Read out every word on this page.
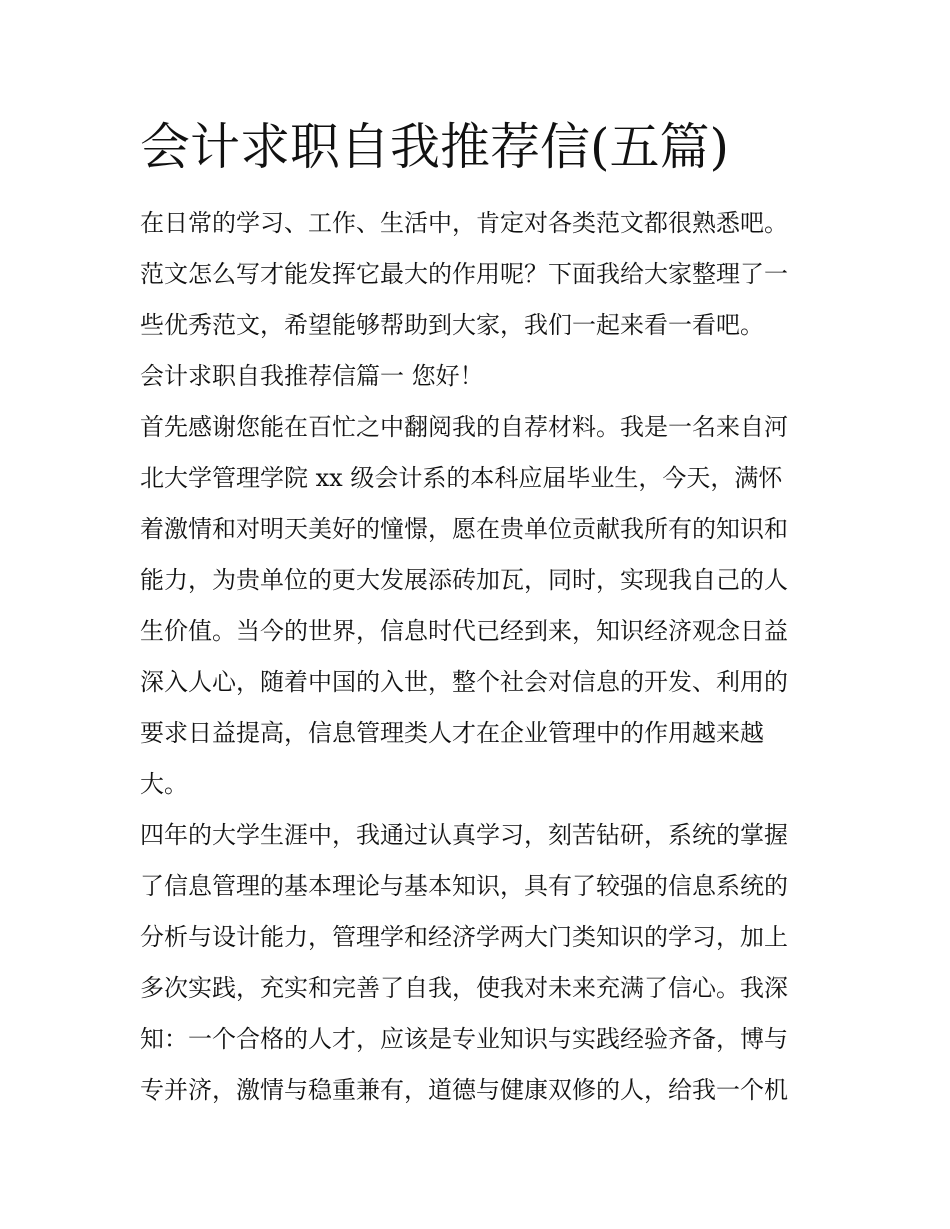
会计求职自我推荐信(五篇)

在日常的学习、工作、生活中，肯定对各类范文都很熟悉吧。

范文怎么写才能发挥它最大的作用呢？下面我给大家整理了一

些优秀范文，希望能够帮助到大家，我们一起来看一看吧。

会计求职自我推荐信篇一 您好！

首先感谢您能在百忙之中翻阅我的自荐材料。我是一名来自河

北大学管理学院 xx 级会计系的本科应届毕业生，今天，满怀

着激情和对明天美好的憧憬，愿在贵单位贡献我所有的知识和

能力，为贵单位的更大发展添砖加瓦，同时，实现我自己的人

生价值。当今的世界，信息时代已经到来，知识经济观念日益

深入人心，随着中国的入世，整个社会对信息的开发、利用的

要求日益提高，信息管理类人才在企业管理中的作用越来越

大。

四年的大学生涯中，我通过认真学习，刻苦钻研，系统的掌握

了信息管理的基本理论与基本知识，具有了较强的信息系统的

分析与设计能力，管理学和经济学两大门类知识的学习，加上

多次实践，充实和完善了自我，使我对未来充满了信心。我深

知：一个合格的人才，应该是专业知识与实践经验齐备，博与

专并济，激情与稳重兼有，道德与健康双修的人，给我一个机
